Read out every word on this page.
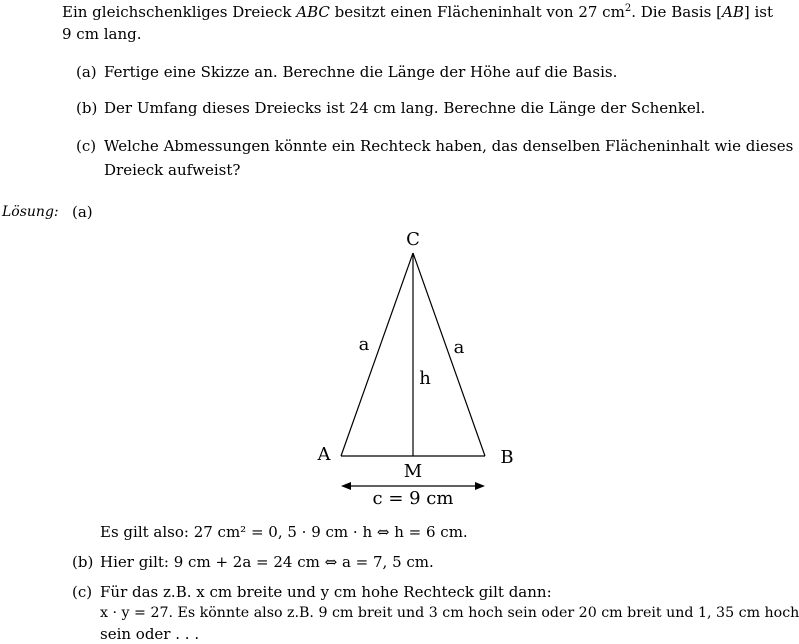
Ein gleichschenkliges Dreieck ABC besitzt einen Flächeninhalt von 27 $cm^2$. Die Basis [AB] ist
9 cm lang.
(a) Fertige eine Skizze an. Berechne die Länge der Höhe auf die Basis.
(b) Der Umfang dieses Dreiecks ist 24 cm lang. Berechne die Länge der Schenkel.
(c) Welche Abmessungen könnte ein Rechteck haben, das denselben Flächeninhalt wie dieses
Dreieck aufweist?
Lösung: (a)
C
A	B
M
a	a
h
c = 9 cm
Es gilt also: 27 cm² = 0, 5 · 9 cm · h ⇔ h = 6 cm.
(b) Hier gilt: 9 cm + 2a = 24 cm ⇔ a = 7, 5 cm.
(c) Für das z.B. x cm breite und y cm hohe Rechteck gilt dann:
x · y = 27. Es könnte also z.B. 9 cm breit und 3 cm hoch sein oder 20 cm breit und 1, 35 cm hoch
sein oder . . .
